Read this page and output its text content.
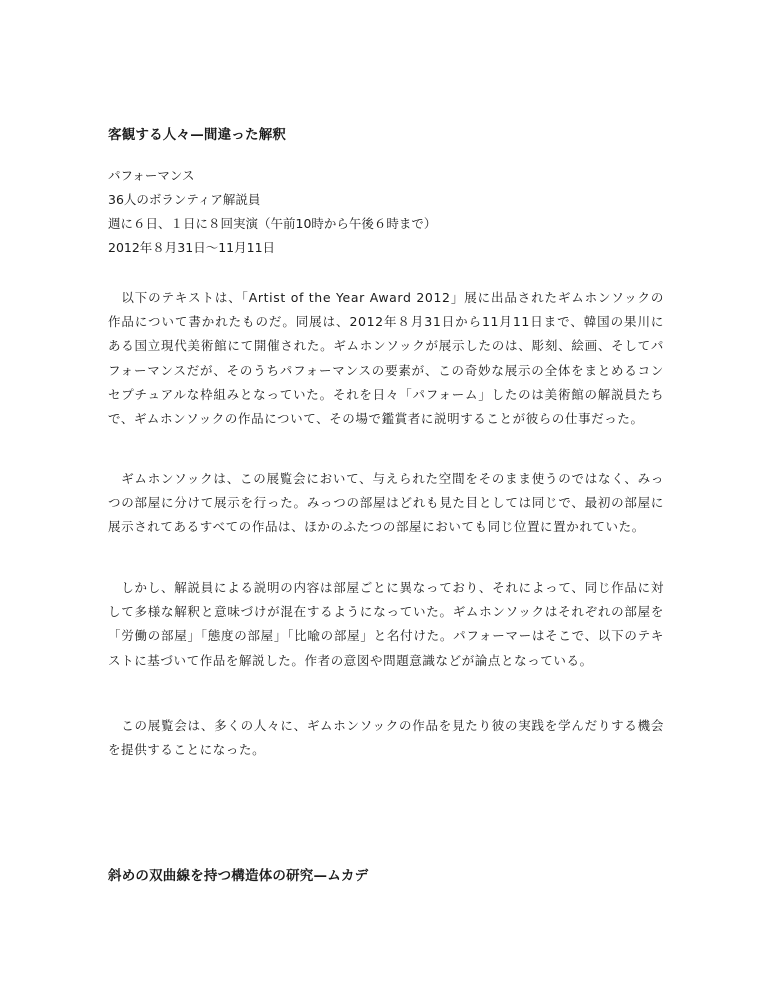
客観する人々—間違った解釈
パフォーマンス
36人のボランティア解説員
週に６日、１日に８回実演（午前10時から午後６時まで）
2012年８月31日〜11月11日

　以下のテキストは、「Artist of the Year Award 2012」展に出品されたギムホンソックの作品について書かれたものだ。同展は、2012年８月31日から11月11日まで、韓国の果川にある国立現代美術館にて開催された。ギムホンソックが展示したのは、彫刻、絵画、そしてパフォーマンスだが、そのうちパフォーマンスの要素が、この奇妙な展示の全体をまとめるコンセプチュアルな枠組みとなっていた。それを日々「パフォーム」したのは美術館の解説員たちで、ギムホンソックの作品について、その場で鑑賞者に説明することが彼らの仕事だった。

　ギムホンソックは、この展覧会において、与えられた空間をそのまま使うのではなく、みっつの部屋に分けて展示を行った。みっつの部屋はどれも見た目としては同じで、最初の部屋に展示されてあるすべての作品は、ほかのふたつの部屋においても同じ位置に置かれていた。

　しかし、解説員による説明の内容は部屋ごとに異なっており、それによって、同じ作品に対して多様な解釈と意味づけが混在するようになっていた。ギムホンソックはそれぞれの部屋を「労働の部屋」「態度の部屋」「比喩の部屋」と名付けた。パフォーマーはそこで、以下のテキストに基づいて作品を解説した。作者の意図や問題意識などが論点となっている。

　この展覧会は、多くの人々に、ギムホンソックの作品を見たり彼の実践を学んだりする機会を提供することになった。

斜めの双曲線を持つ構造体の研究—ムカデ
